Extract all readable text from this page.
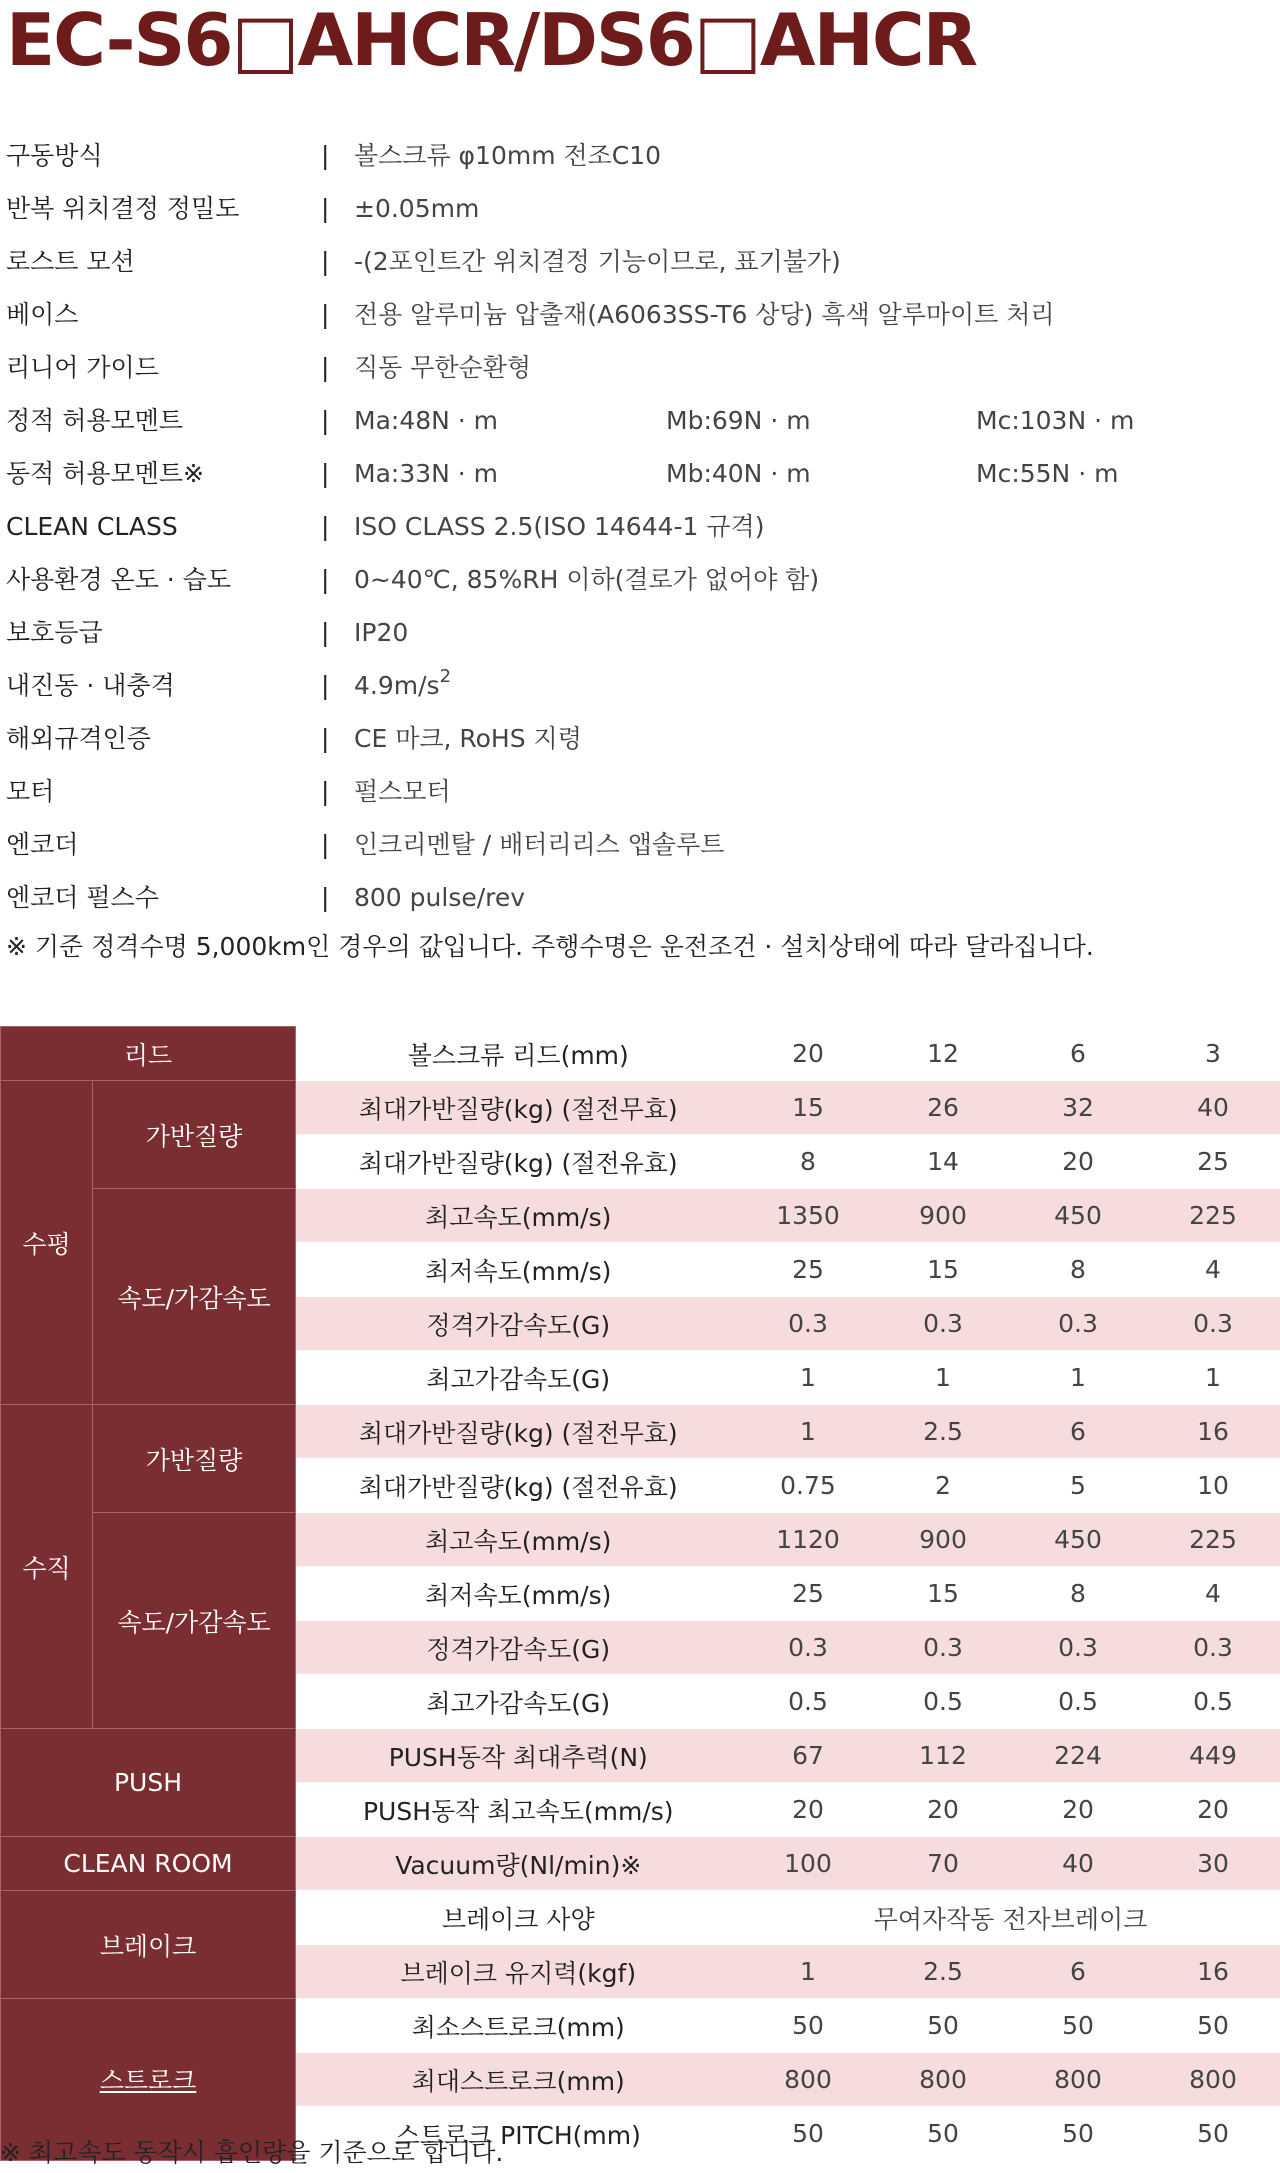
EC-S6□AHCR/DS6□AHCR
구동방식	| 볼스크류 φ10mm 전조C10
반복 위치결정 정밀도	| ±0.05mm
로스트 모션	| -(2포인트간 위치결정 기능이므로, 표기불가)
베이스	| 전용 알루미늄 압출재(A6063SS-T6 상당) 흑색 알루마이트 처리
리니어 가이드	| 직동 무한순환형
정적 허용모멘트	| Ma:48N · m	Mb:69N · m	Mc:103N · m
동적 허용모멘트※	| Ma:33N · m	Mb:40N · m	Mc:55N · m
CLEAN CLASS	| ISO CLASS 2.5(ISO 14644-1 규격)
사용환경 온도 · 습도	| 0~40℃, 85%RH 이하(결로가 없어야 함)
보호등급	| IP20
내진동 · 내충격	| $4.9m/s^2$
해외규격인증	| CE 마크, RoHS 지령
모터	| 펄스모터
엔코더	| 인크리멘탈 / 배터리리스 앱솔루트
엔코더 펄스수	| 800 pulse/rev
※ 기준 정격수명 5,000km인 경우의 값입니다. 주행수명은 운전조건 · 설치상태에 따라 달라집니다.
리드		볼스크류 리드(mm)	20	12	6	3
수평	가반질량	최대가반질량(kg) (절전무효)	15	26	32	40
		최대가반질량(kg) (절전유효)	8	14	20	25
	속도/가감속도	최고속도(mm/s)	1350	900	450	225
		최저속도(mm/s)	25	15	8	4
		정격가감속도(G)	0.3	0.3	0.3	0.3
		최고가감속도(G)	1	1	1	1
수직	가반질량	최대가반질량(kg) (절전무효)	1	2.5	6	16
		최대가반질량(kg) (절전유효)	0.75	2	5	10
	속도/가감속도	최고속도(mm/s)	1120	900	450	225
		최저속도(mm/s)	25	15	8	4
		정격가감속도(G)	0.3	0.3	0.3	0.3
		최고가감속도(G)	0.5	0.5	0.5	0.5
PUSH		PUSH동작 최대추력(N)	67	112	224	449
		PUSH동작 최고속도(mm/s)	20	20	20	20
CLEAN ROOM		Vacuum량(Nl/min)※	100	70	40	30
브레이크		브레이크 사양	무여자작동 전자브레이크			
		브레이크 유지력(kgf)	1	2.5	6	16
스트로크		최소스트로크(mm)	50	50	50	50
		최대스트로크(mm)	800	800	800	800
		스트로크 PITCH(mm)	50	50	50	50
※ 최고속도 동작시 흡인량을 기준으로 합니다.
